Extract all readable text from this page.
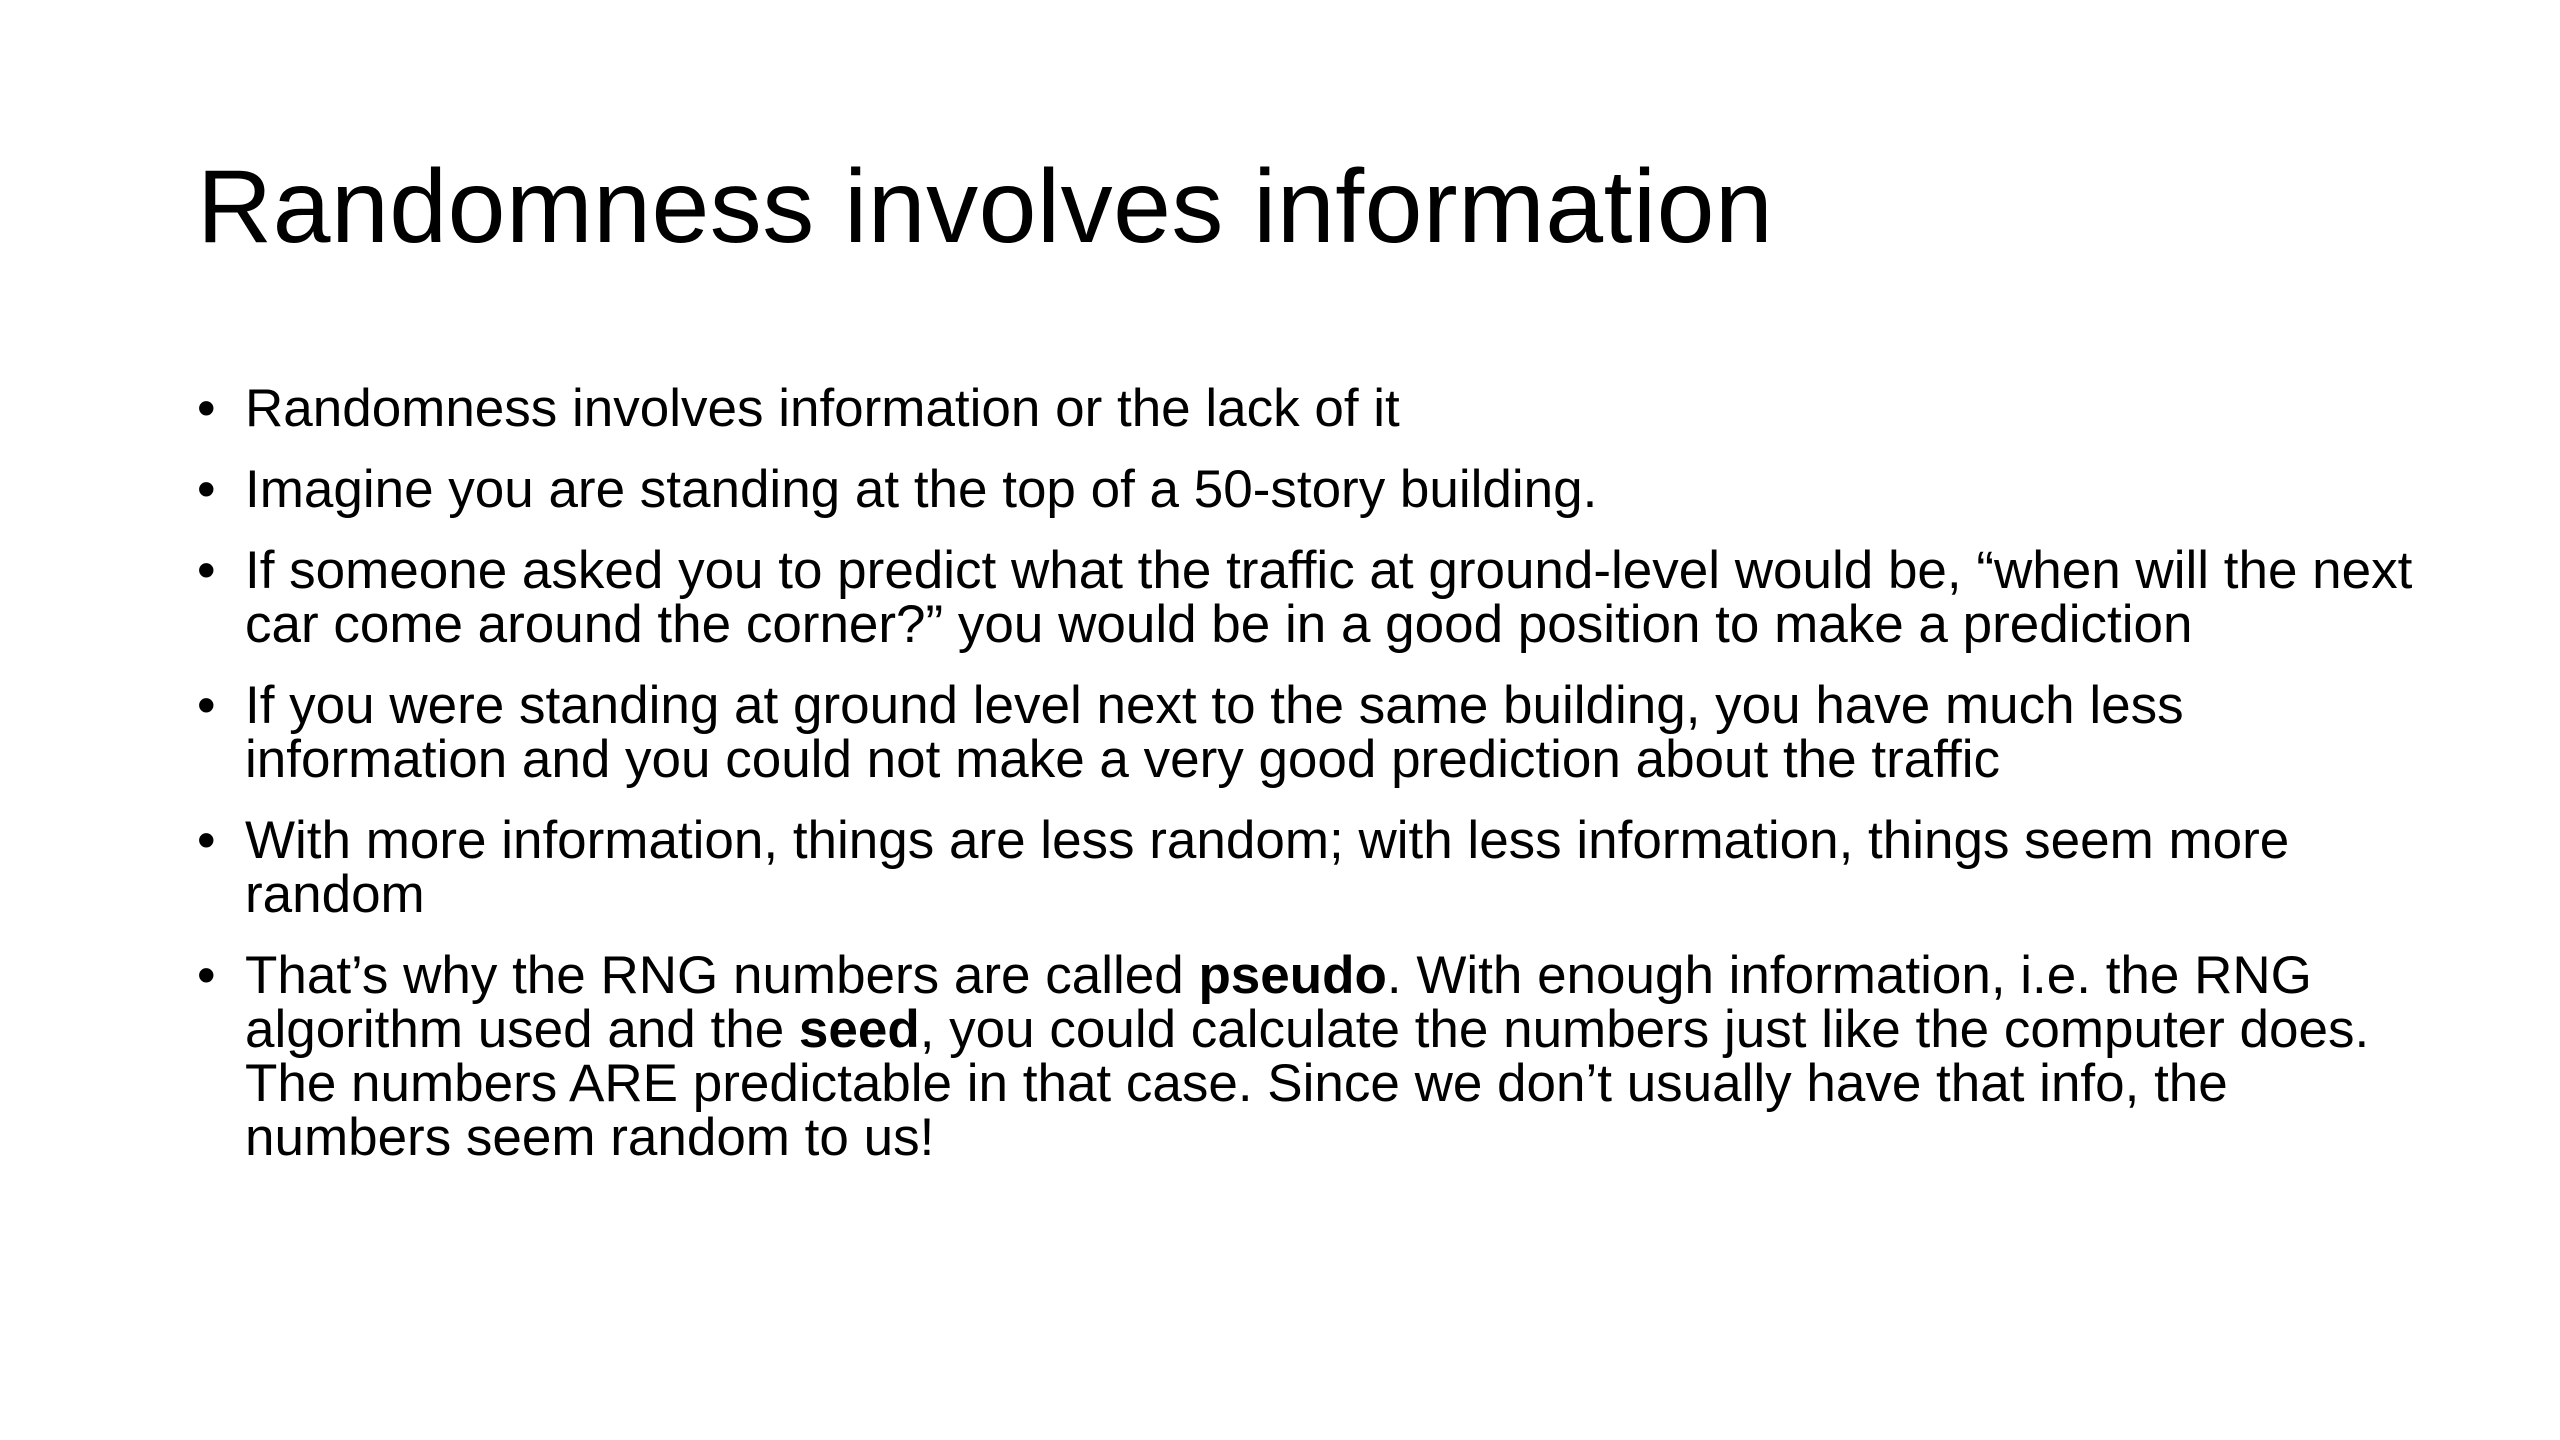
Randomness involves information
• Randomness involves information or the lack of it
• Imagine you are standing at the top of a 50-story building.
• If someone asked you to predict what the traffic at ground-level would be, “when will the next car come around the corner?” you would be in a good position to make a prediction
• If you were standing at ground level next to the same building, you have much less information and you could not make a very good prediction about the traffic
• With more information, things are less random; with less information, things seem more random
• That’s why the RNG numbers are called pseudo. With enough information, i.e. the RNG algorithm used and the seed, you could calculate the numbers just like the computer does. The numbers ARE predictable in that case. Since we don’t usually have that info, the numbers seem random to us!
